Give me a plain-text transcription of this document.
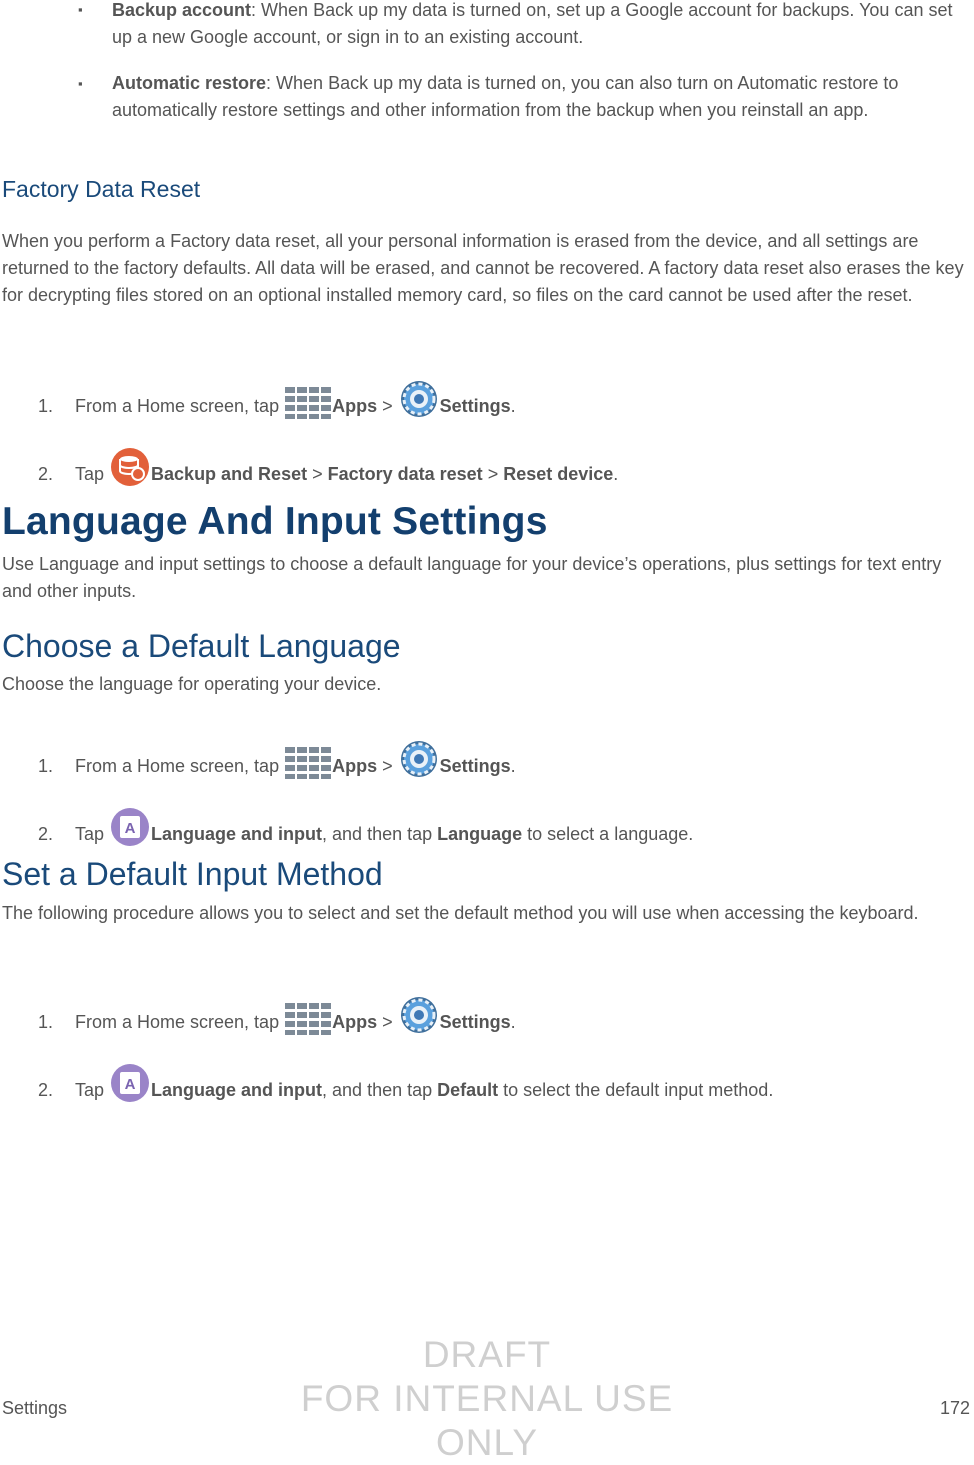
▪ Backup account: When Back up my data is turned on, set up a Google account for backups. You can set up a new Google account, or sign in to an existing account.
▪ Automatic restore: When Back up my data is turned on, you can also turn on Automatic restore to automatically restore settings and other information from the backup when you reinstall an app.
Factory Data Reset
When you perform a Factory data reset, all your personal information is erased from the device, and all settings are returned to the factory defaults. All data will be erased, and cannot be recovered. A factory data reset also erases the key for decrypting files stored on an optional installed memory card, so files on the card cannot be used after the reset.
1. From a Home screen, tap	Apps > Settings.
2. Tap Backup and Reset > Factory data reset > Reset device.
Language And Input Settings
Use Language and input settings to choose a default language for your device’s operations, plus settings for text entry and other inputs.
Choose a Default Language
Choose the language for operating your device.
1. From a Home screen, tap	Apps > Settings.
2. Tap A Language and input, and then tap Language to select a language.
Set a Default Input Method
The following procedure allows you to select and set the default method you will use when accessing the keyboard.
1. From a Home screen, tap	Apps > Settings.
2. Tap A Language and input, and then tap Default to select the default input method.
DRAFT
FOR INTERNAL USE ONLY
Settings	172
